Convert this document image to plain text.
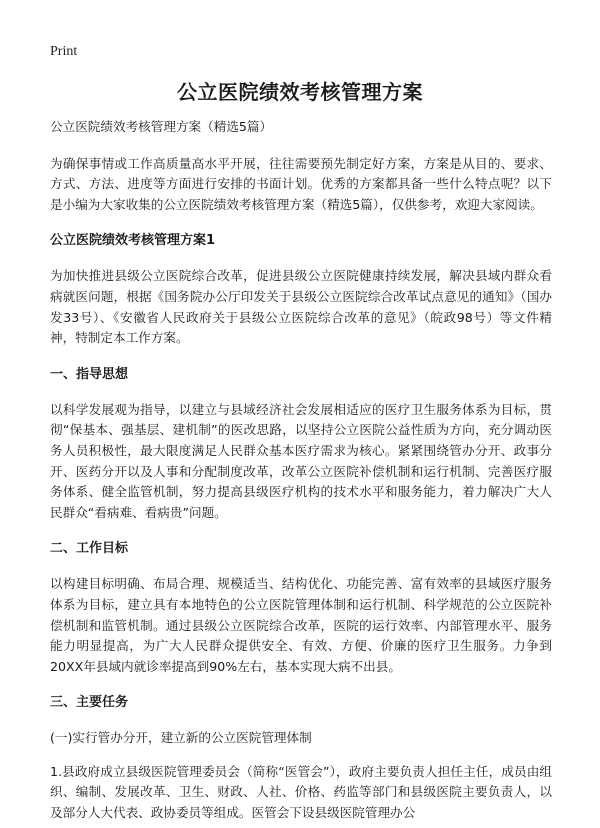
Print
公立医院绩效考核管理方案

公立医院绩效考核管理方案（精选5篇）

为确保事情或工作高质量高水平开展，往往需要预先制定好方案，方案是从目的、要求、方式、方法、进度等方面进行安排的书面计划。优秀的方案都具备一些什么特点呢？以下是小编为大家收集的公立医院绩效考核管理方案（精选5篇），仅供参考，欢迎大家阅读。

公立医院绩效考核管理方案1

为加快推进县级公立医院综合改革，促进县级公立医院健康持续发展，解决县域内群众看病就医问题，根据《国务院办公厅印发关于县级公立医院综合改革试点意见的通知》（国办发33号）、《安徽省人民政府关于县级公立医院综合改革的意见》（皖政98号）等文件精神，特制定本工作方案。

一、指导思想

以科学发展观为指导，以建立与县域经济社会发展相适应的医疗卫生服务体系为目标，贯彻“保基本、强基层、建机制”的医改思路，以坚持公立医院公益性质为方向，充分调动医务人员积极性，最大限度满足人民群众基本医疗需求为核心。紧紧围绕管办分开、政事分开、医药分开以及人事和分配制度改革，改革公立医院补偿机制和运行机制、完善医疗服务体系、健全监管机制，努力提高县级医疗机构的技术水平和服务能力，着力解决广大人民群众“看病难、看病贵”问题。

二、工作目标

以构建目标明确、布局合理、规模适当、结构优化、功能完善、富有效率的县域医疗服务体系为目标，建立具有本地特色的公立医院管理体制和运行机制、科学规范的公立医院补偿机制和监管机制。通过县级公立医院综合改革，医院的运行效率、内部管理水平、服务能力明显提高，为广大人民群众提供安全、有效、方便、价廉的医疗卫生服务。力争到20XX年县域内就诊率提高到90%左右，基本实现大病不出县。

三、主要任务

(一)实行管办分开，建立新的公立医院管理体制

1.县政府成立县级医院管理委员会（简称“医管会”），政府主要负责人担任主任，成员由组织、编制、发展改革、卫生、财政、人社、价格、药监等部门和县级医院主要负责人，以及部分人大代表、政协委员等组成。医管会下设县级医院管理办公
